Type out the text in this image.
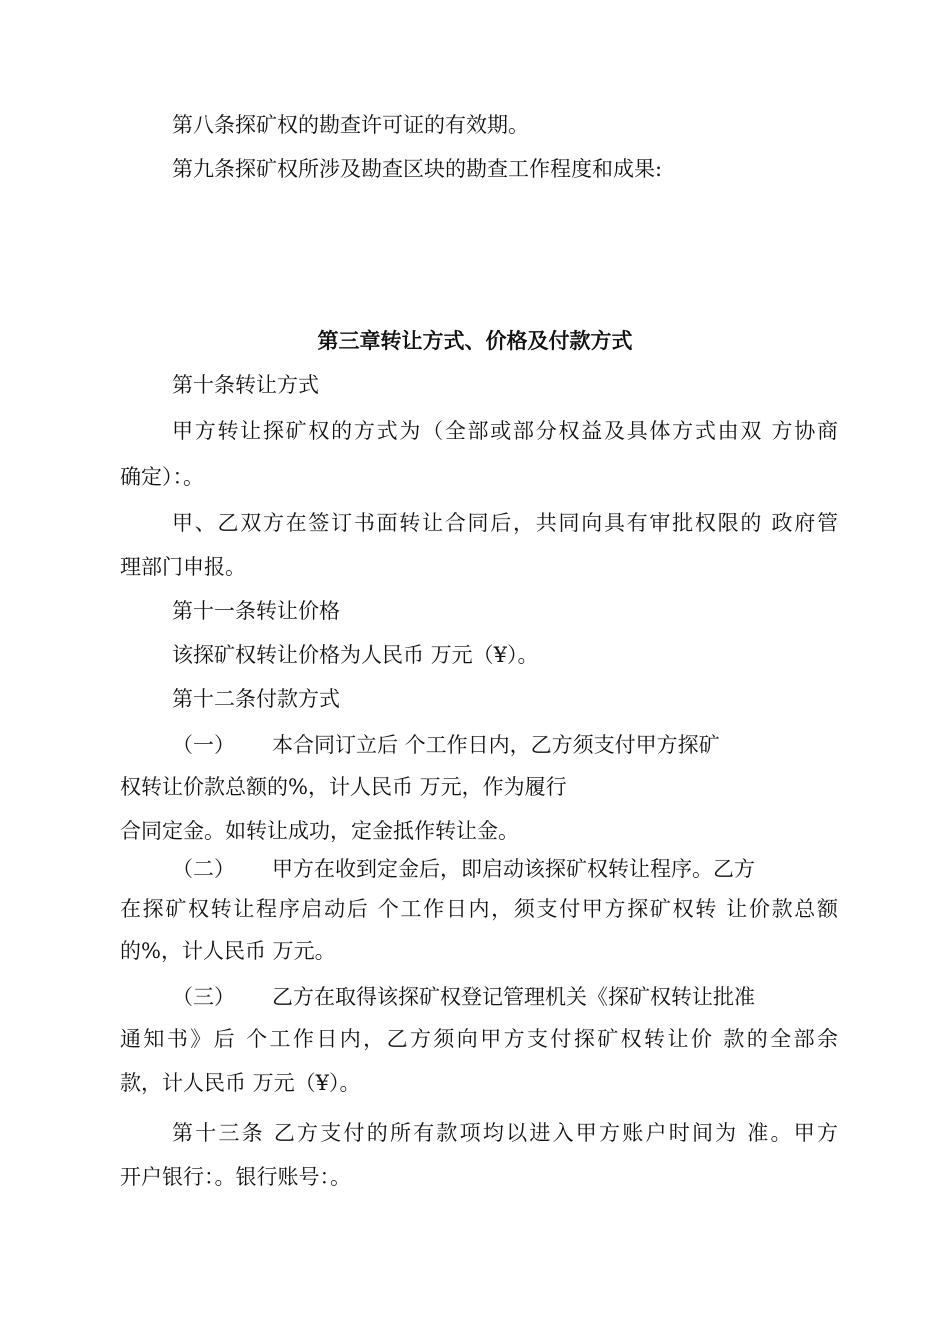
第八条探矿权的勘查许可证的有效期。

第九条探矿权所涉及勘查区块的勘查工作程度和成果:

第三章转让方式、价格及付款方式

第十条转让方式

甲方转让探矿权的方式为（全部或部分权益及具体方式由双 方协商

确定）：。

甲、乙双方在签订书面转让合同后，共同向具有审批权限的 政府管

理部门申报。

第十一条转让价格

该探矿权转让价格为人民币 万元（¥）。

第十二条付款方式

（一） 本合同订立后 个工作日内，乙方须支付甲方探矿

权转让价款总额的%，计人民币 万元，作为履行

合同定金。如转让成功，定金抵作转让金。

（二） 甲方在收到定金后，即启动该探矿权转让程序。乙方

在探矿权转让程序启动后 个工作日内，须支付甲方探矿权转 让价款总额

的%，计人民币 万元。

（三） 乙方在取得该探矿权登记管理机关《探矿权转让批准

通知书》后 个工作日内，乙方须向甲方支付探矿权转让价 款的全部余

款，计人民币 万元（¥）。

第十三条 乙方支付的所有款项均以进入甲方账户时间为 准。甲方

开户银行：。银行账号：。
